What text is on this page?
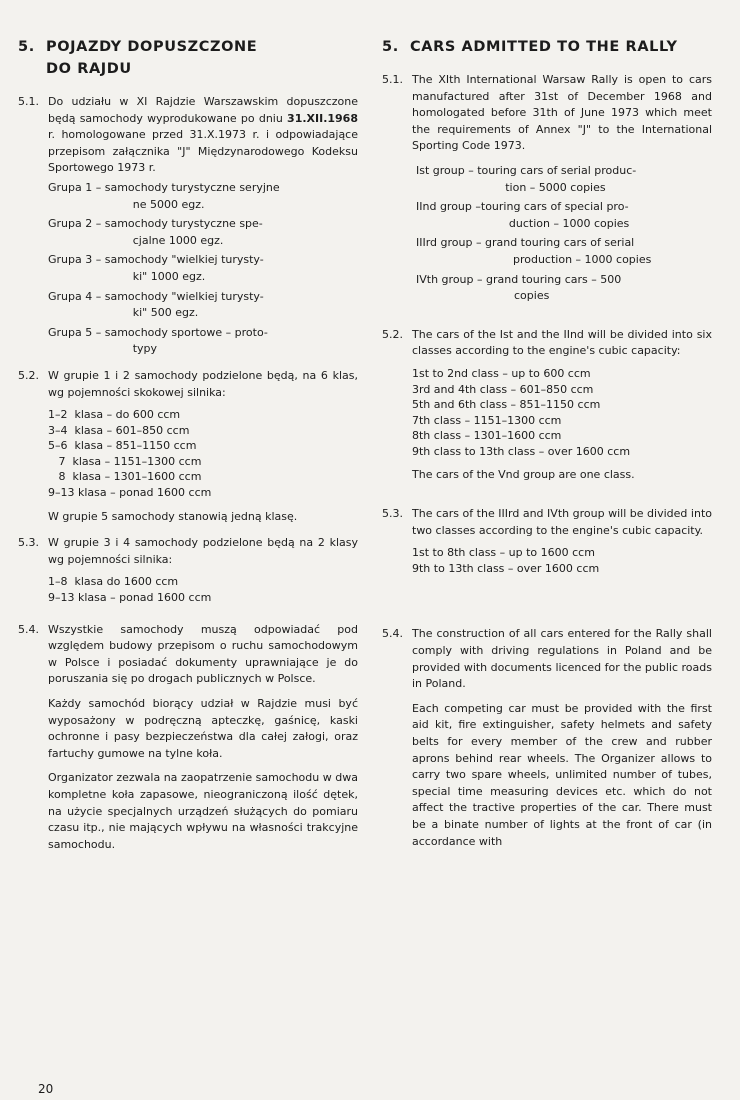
5. POJAZDY DOPUSZCZONE
DO RAJDU
5.1. Do udziału w XI Rajdzie Warszawskim dopuszczone będą samochody wyprodukowane po dniu 31.XII.1968 r. homologowane przed 31.X.1973 r. i odpowiadające przepisom załącznika "J" Międzynarodowego Kodeksu Sportowego 1973 r.

Grupa 1 – samochody turystyczne seryjne
ne 5000 egz.
Grupa 2 – samochody turystyczne spe-
cjalne 1000 egz.
Grupa 3 – samochody "wielkiej turysty-
ki" 1000 egz.
Grupa 4 – samochody "wielkiej turysty-
ki" 500 egz.
Grupa 5 – samochody sportowe – proto-
typy
5.2. W grupie 1 i 2 samochody podzielone będą, na 6 klas, wg pojemności skokowej silnika:

1–2  klasa – do 600 ccm
3–4  klasa – 601–850 ccm
5–6  klasa – 851–1150 ccm
7  klasa – 1151–1300 ccm
8  klasa – 1301–1600 ccm
9–13 klasa – ponad 1600 ccm

W grupie 5 samochody stanowią jedną klasę.

5.3. W grupie 3 i 4 samochody podzielone będą na 2 klasy wg pojemności silnika:

1–8  klasa do 1600 ccm
9–13 klasa – ponad 1600 ccm
5.4. Wszystkie samochody muszą odpowiadać pod względem budowy przepisom o ruchu samochodowym w Polsce i posiadać dokumenty uprawniające je do poruszania się po drogach publicznych w Polsce.

Każdy samochód biorący udział w Rajdzie musi być wyposażony w podręczną apteczkę, gaśnicę, kaski ochronne i pasy bezpieczeństwa dla całej załogi, oraz fartuchy gumowe na tylne koła.

Organizator zezwala na zaopatrzenie samochodu w dwa kompletne koła zapasowe, nieograniczoną ilość dętek, na użycie specjalnych urządzeń służących do pomiaru czasu itp., nie mających wpływu na własności trakcyjne samochodu.

5. CARS ADMITTED TO THE RALLY
5.1. The XIth International Warsaw Rally is open to cars manufactured after 31st of December 1968 and homologated before 31th of June 1973 which meet the requirements of Annex "J" to the International Sporting Code 1973.

Ist group – touring cars of serial produc-
tion – 5000 copies
IInd group – touring cars of special pro-
duction – 1000 copies
IIIrd group – grand touring cars of serial
production – 1000 copies
IVth group – grand touring cars – 500
copies
5.2. The cars of the Ist and the IInd will be divided into six classes according to the engine's cubic capacity:

1st to 2nd class – up to 600 ccm
3rd and 4th class – 601–850 ccm
5th and 6th class – 851–1150 ccm
7th class – 1151–1300 ccm
8th class – 1301–1600 ccm
9th class to 13th class – over 1600 ccm

The cars of the Vnd group are one class.

5.3. The cars of the IIIrd and IVth group will be divided into two classes according to the engine's cubic capacity.

1st to 8th class – up to 1600 ccm
9th to 13th class – over 1600 ccm
5.4. The construction of all cars entered for the Rally shall comply with driving regulations in Poland and be provided with documents licenced for the public roads in Poland.

Each competing car must be provided with the first aid kit, fire extinguisher, safety helmets and safety belts for every member of the crew and rubber aprons behind rear wheels. The Organizer allows to carry two spare wheels, unlimited number of tubes, special time measuring devices etc. which do not affect the tractive properties of the car. There must be a binate number of lights at the front of car (in accordance with

20
